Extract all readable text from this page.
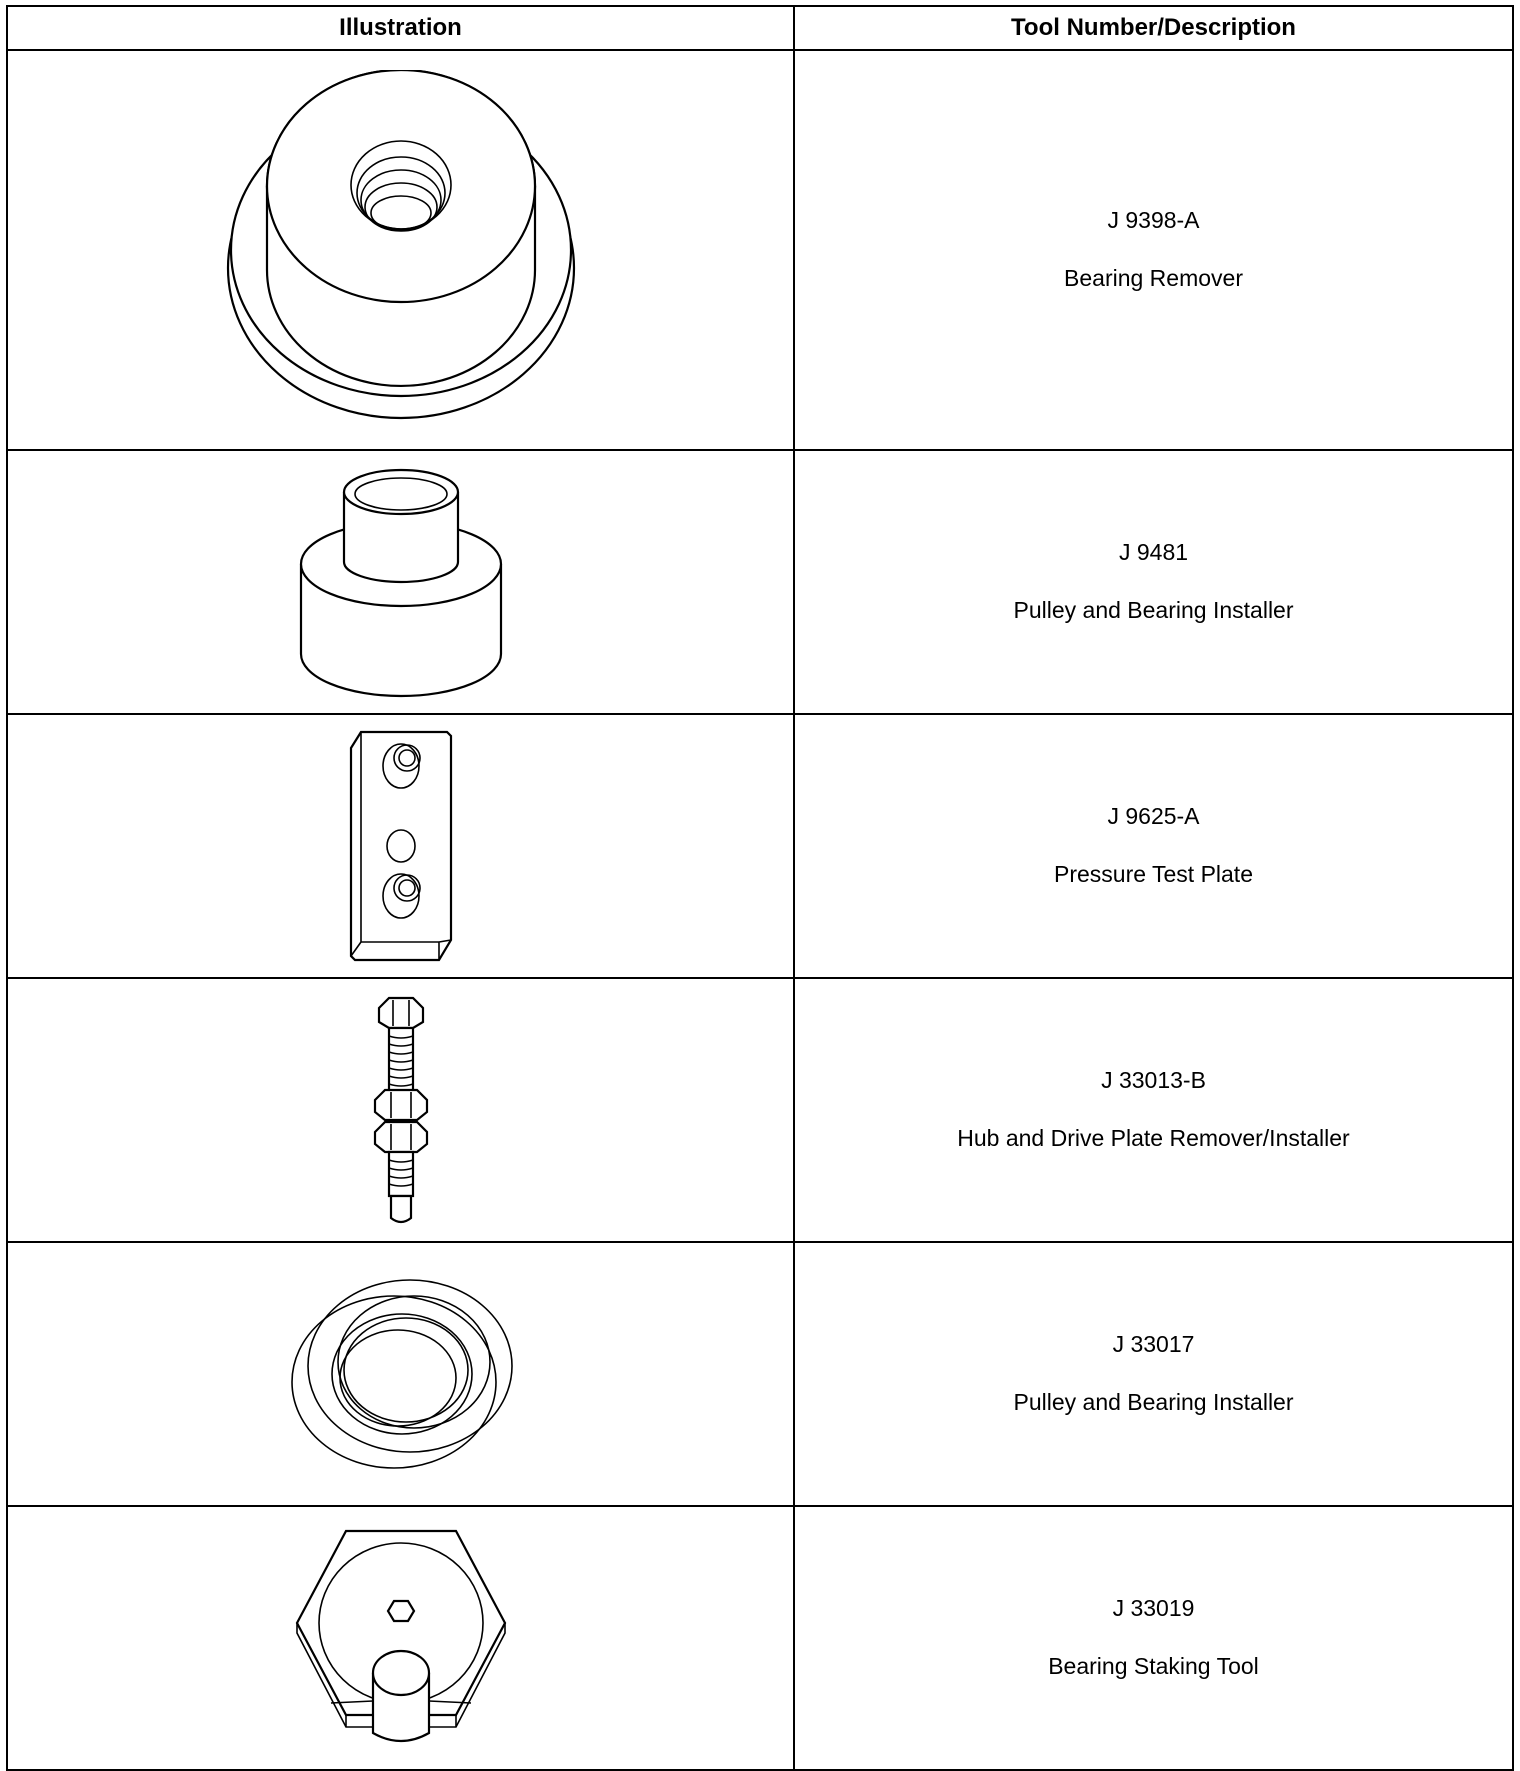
Illustration	Tool Number/Description

J 9398-A
Bearing Remover

J 9481
Pulley and Bearing Installer

J 9625-A
Pressure Test Plate

J 33013-B
Hub and Drive Plate Remover/Installer

J 33017
Pulley and Bearing Installer

J 33019
Bearing Staking Tool
